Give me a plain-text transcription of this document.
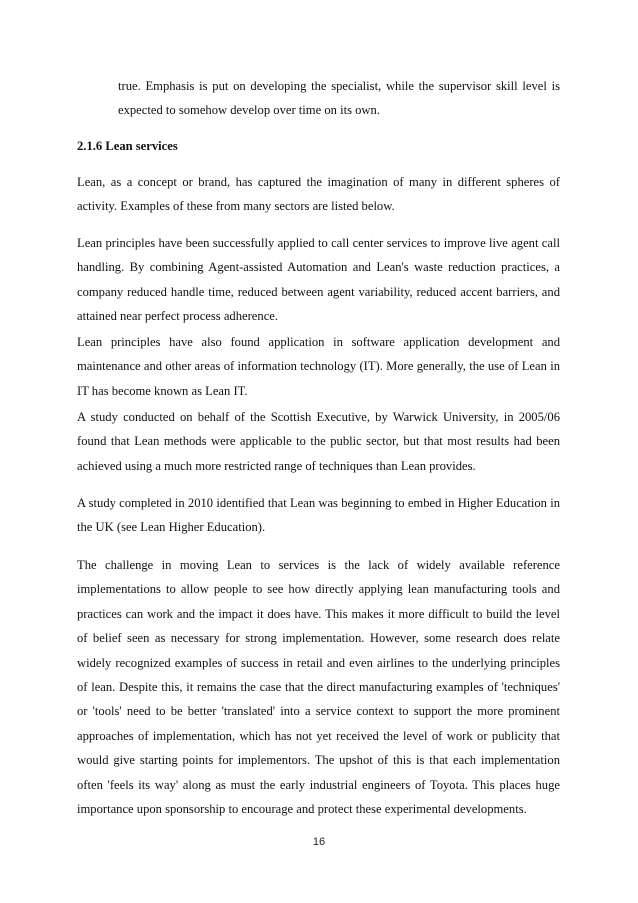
true. Emphasis is put on developing the specialist, while the supervisor skill level is expected to somehow develop over time on its own.

2.1.6 Lean services

Lean, as a concept or brand, has captured the imagination of many in different spheres of activity. Examples of these from many sectors are listed below.

Lean principles have been successfully applied to call center services to improve live agent call handling. By combining Agent-assisted Automation and Lean's waste reduction practices, a company reduced handle time, reduced between agent variability, reduced accent barriers, and attained near perfect process adherence.

Lean principles have also found application in software application development and maintenance and other areas of information technology (IT). More generally, the use of Lean in IT has become known as Lean IT.

A study conducted on behalf of the Scottish Executive, by Warwick University, in 2005/06 found that Lean methods were applicable to the public sector, but that most results had been achieved using a much more restricted range of techniques than Lean provides.

A study completed in 2010 identified that Lean was beginning to embed in Higher Education in the UK (see Lean Higher Education).

The challenge in moving Lean to services is the lack of widely available reference implementations to allow people to see how directly applying lean manufacturing tools and practices can work and the impact it does have. This makes it more difficult to build the level of belief seen as necessary for strong implementation. However, some research does relate widely recognized examples of success in retail and even airlines to the underlying principles of lean. Despite this, it remains the case that the direct manufacturing examples of 'techniques' or 'tools' need to be better 'translated' into a service context to support the more prominent approaches of implementation, which has not yet received the level of work or publicity that would give starting points for implementors. The upshot of this is that each implementation often 'feels its way' along as must the early industrial engineers of Toyota. This places huge importance upon sponsorship to encourage and protect these experimental developments.

16
